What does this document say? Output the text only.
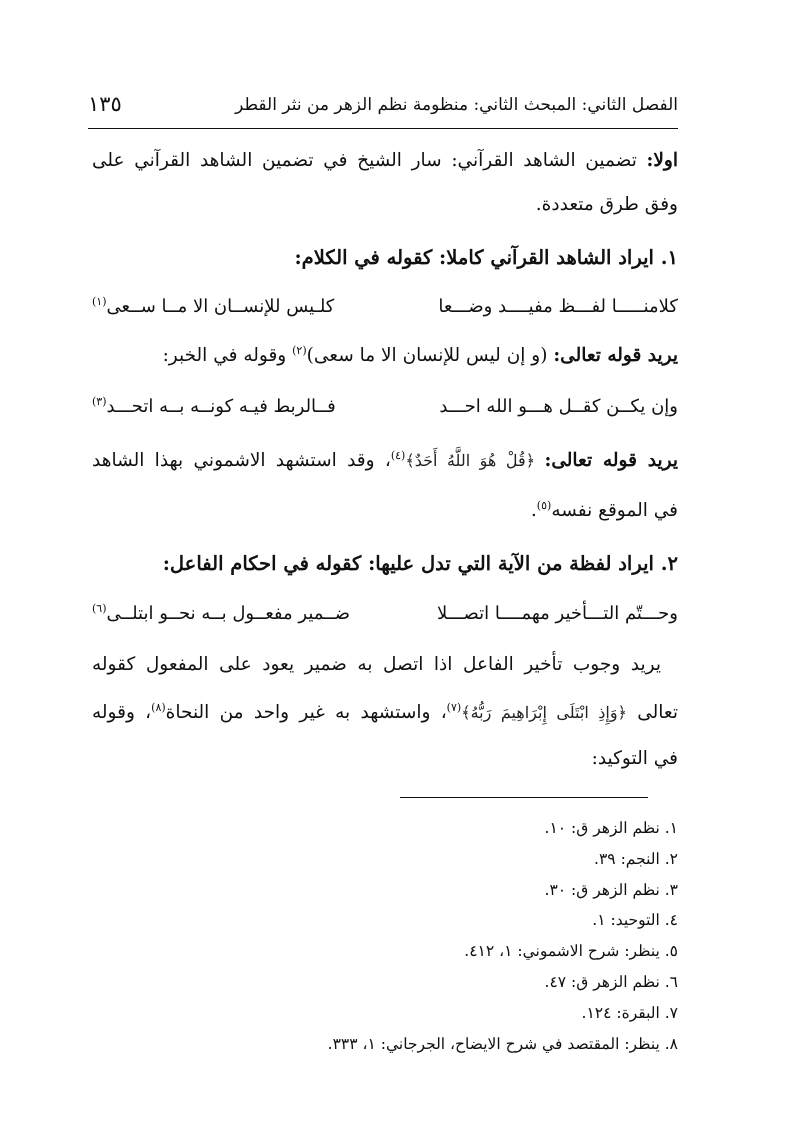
الفصل الثاني: المبحث الثاني: منظومة نظم الزهر من نثر القطر
١٣٥
اولا: تضمين الشاهد القرآني: سار الشيخ في تضمين الشاهد القرآني على
وفق طرق متعددة.
١. ايراد الشاهد القرآني كاملا: كقوله في الكلام:
كلامنـــــا لفـــظ مفيــــد وضـــعا
كلـيس للإنســان الا مــا ســعى$^{(١)}$
يريد قوله تعالى: (و إن ليس للإنسان الا ما سعى)$^{(٢)}$ وقوله في الخبر:
وإن يكــن كقــل هـــو الله احـــد
فــالربط فيـه كونــه بــه اتحـــد$^{(٣)}$
يريد قوله تعالى: ﴿قُلْ هُوَ اللَّهُ أَحَدٌ﴾$^{(٤)}$، وقد استشهد الاشموني بهذا الشاهد
في الموقع نفسه$^{(٥)}$.
٢. ايراد لفظة من الآية التي تدل عليها: كقوله في احكام الفاعل:
وحـــتّم التـــأخير مهمــــا اتصـــلا
ضــمير مفعــول بــه نحــو ابتلــى$^{(٦)}$
يريد وجوب تأخير الفاعل اذا اتصل به ضمير يعود على المفعول كقوله
تعالى ﴿وَإِذِ ابْتَلَى إِبْرَاهِيمَ رَبُّهُ﴾$^{(٧)}$، واستشهد به غير واحد من النحاة$^{(٨)}$، وقوله
في التوكيد:
١. نظم الزهر ق: ١٠.
٢. النجم: ٣٩.
٣. نظم الزهر ق: ٣٠.
٤. التوحيد: ١.
٥. ينظر: شرح الاشموني: ١، ٤١٢.
٦. نظم الزهر ق: ٤٧.
٧. البقرة: ١٢٤.
٨. ينظر: المقتصد في شرح الايضاح، الجرجاني: ١، ٣٣٣.
